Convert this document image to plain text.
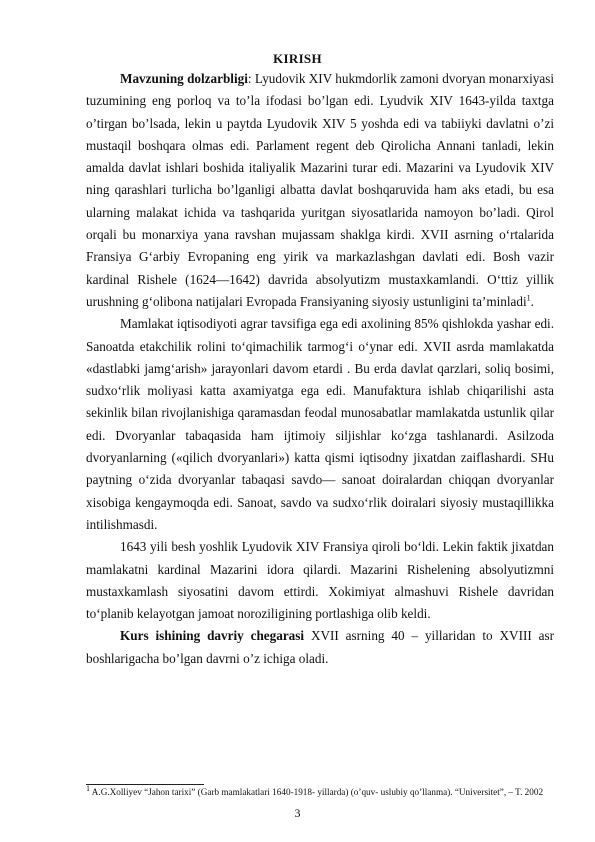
KIRISH

Mavzuning dolzarbligi: Lyudovik XIV hukmdorlik zamoni dvoryan monarxiyasi tuzumining eng porloq va to’la ifodasi bo’lgan edi. Lyudvik XIV 1643-yilda taxtga o’tirgan bo’lsada, lekin u paytda Lyudovik XIV 5 yoshda edi va tabiiyki davlatni o’zi mustaqil boshqara olmas edi. Parlament regent deb Qirolicha Annani tanladi, lekin amalda davlat ishlari boshida italiyalik Mazarini turar edi. Mazarini va Lyudovik XIV ning qarashlari turlicha bo’lganligi albatta davlat boshqaruvida ham aks etadi, bu esa ularning malakat ichida va tashqarida yuritgan siyosatlarida namoyon bo’ladi. Qirol orqali bu monarxiya yana ravshan mujassam shaklga kirdi. XVII asrning o‘rtalarida Fransiya G‘arbiy Evropaning eng yirik va markazlashgan davlati edi. Bosh vazir kardinal Rishele (1624—1642) davrida absolyutizm mustaxkamlandi. O‘ttiz yillik urushning g‘olibona natijalari Evropada Fransiyaning siyosiy ustunligini ta’minladi$^1$.

Mamlakat iqtisodiyoti agrar tavsifiga ega edi axolining 85% qishlokda yashar edi. Sanoatda etakchilik rolini to‘qimachilik tarmog‘i o‘ynar edi. XVII asrda mamlakatda «dastlabki jamg‘arish» jarayonlari davom etardi . Bu erda davlat qarzlari, soliq bosimi, sudxo‘rlik moliyasi katta axamiyatga ega edi. Manufaktura ishlab chiqarilishi asta sekinlik bilan rivojlanishiga qaramasdan feodal munosabatlar mamlakatda ustunlik qilar edi. Dvoryanlar tabaqasida ham ijtimoiy siljishlar ko‘zga tashlanardi. Asilzoda dvoryanlarning («qilich dvoryanlari») katta qismi iqtisodny jixatdan zaiflashardi. SHu paytning o‘zida dvoryanlar tabaqasi savdo— sanoat doiralardan chiqqan dvoryanlar xisobiga kengaymoqda edi. Sanoat, savdo va sudxo‘rlik doiralari siyosiy mustaqillikka intilishmasdi.

1643 yili besh yoshlik Lyudovik XIV Fransiya qiroli bo‘ldi. Lekin faktik jixatdan mamlakatni kardinal Mazarini idora qilardi. Mazarini Rishelening absolyutizmni mustaxkamlash siyosatini davom ettirdi. Xokimiyat almashuvi Rishele davridan to‘planib kelayotgan jamoat noroziligining portlashiga olib keldi.

Kurs ishining davriy chegarasi XVII asrning 40 – yillaridan to XVIII asr boshlarigacha bo’lgan davrni o’z ichiga oladi.

$^1$ A.G.Xolliyev “Jahon tarixi” (Garb mamlakatlari 1640-1918- yillarda) (o’quv- uslubiy qo’llanma). “Universitet”, – T. 2002
3
